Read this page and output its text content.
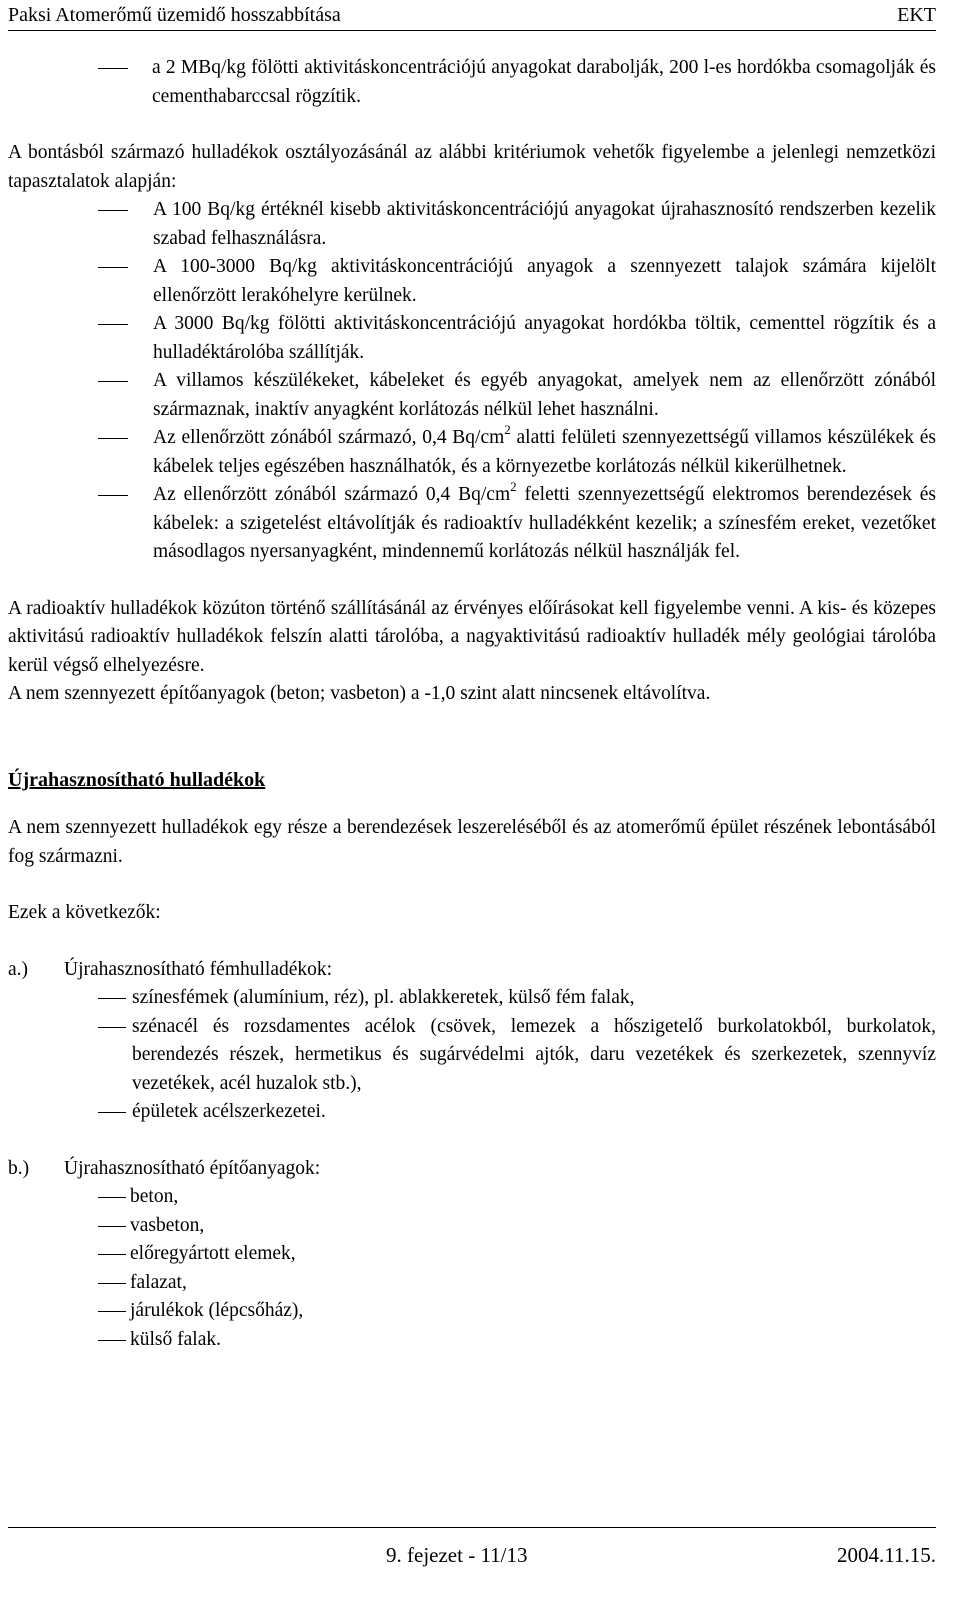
Paksi Atomerőmű üzemidő hosszabbítása	EKT
a 2 MBq/kg fölötti aktivitáskoncentrációjú anyagokat darabolják, 200 l-es hordókba csomagolják és cementhabarccsal rögzítik.

A bontásból származó hulladékok osztályozásánál az alábbi kritériumok vehetők figyelembe a jelenlegi nemzetközi tapasztalatok alapján:

A 100 Bq/kg értéknél kisebb aktivitáskoncentrációjú anyagokat újrahasznosító rendszerben kezelik szabad felhasználásra.
A 100-3000 Bq/kg aktivitáskoncentrációjú anyagok a szennyezett talajok számára kijelölt ellenőrzött lerakóhelyre kerülnek.
A 3000 Bq/kg fölötti aktivitáskoncentrációjú anyagokat hordókba töltik, cementtel rögzítik és a hulladéktárolóba szállítják.
A villamos készülékeket, kábeleket és egyéb anyagokat, amelyek nem az ellenőrzött zónából származnak, inaktív anyagként korlátozás nélkül lehet használni.
Az ellenőrzött zónából származó, 0,4 $Bq/cm^2$ alatti felületi szennyezettségű villamos készülékek és kábelek teljes egészében használhatók, és a környezetbe korlátozás nélkül kikerülhetnek.
Az ellenőrzött zónából származó 0,4 $Bq/cm^2$ feletti szennyezettségű elektromos berendezések és kábelek: a szigetelést eltávolítják és radioaktív hulladékként kezelik; a színesfém ereket, vezetőket másodlagos nyersanyagként, mindennemű korlátozás nélkül használják fel.

A radioaktív hulladékok közúton történő szállításánál az érvényes előírásokat kell figyelembe venni. A kis- és közepes aktivitású radioaktív hulladékok felszín alatti tárolóba, a nagyaktivitású radioaktív hulladék mély geológiai tárolóba kerül végső elhelyezésre.

A nem szennyezett építőanyagok (beton; vasbeton) a -1,0 szint alatt nincsenek eltávolítva.

Újrahasznosítható hulladékok

A nem szennyezett hulladékok egy része a berendezések leszereléséből és az atomerőmű épület részének lebontásából fog származni.

Ezek a következők:

a.)	Újrahasznosítható fémhulladékok:
színesfémek (alumínium, réz), pl. ablakkeretek, külső fém falak,
szénacél és rozsdamentes acélok (csövek, lemezek a hőszigetelő burkolatokból, burkolatok, berendezés részek, hermetikus és sugárvédelmi ajtók, daru vezetékek és szerkezetek, szennyvíz vezetékek, acél huzalok stb.),
épületek acélszerkezetei.
b.)	Újrahasznosítható építőanyagok:
beton,
vasbeton,
előregyártott elemek,
falazat,
járulékok (lépcsőház),
külső falak.
9. fejezet - 11/13	2004.11.15.
